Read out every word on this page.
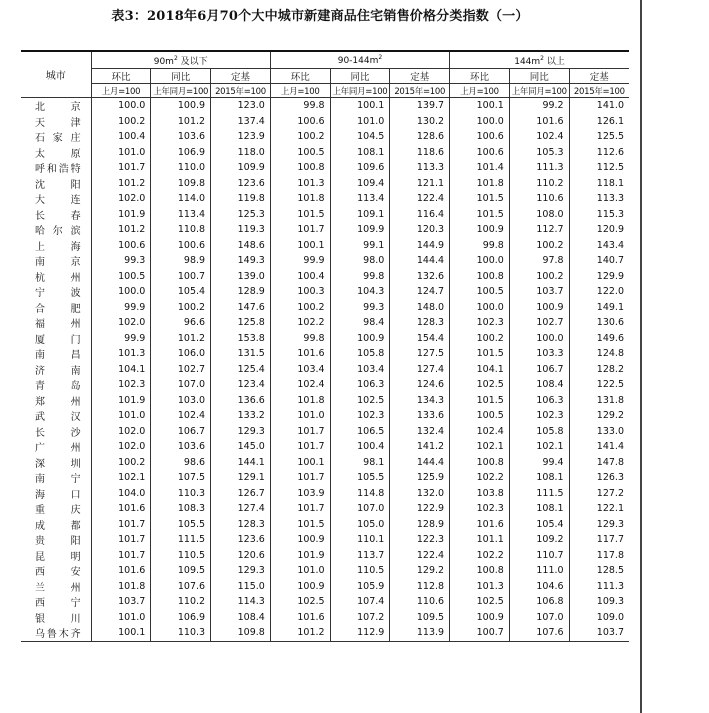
表3：2018年6月70个大中城市新建商品住宅销售价格分类指数（一）
城市	$90m^2$ 及以下			$90-144m^2$			$144m^2$ 以上		
	环比	同比	定基	环比	同比	定基	环比	同比	定基
	上月=100	上年同月=100	2015年=100	上月=100	上年同月=100	2015年=100	上月=100	上年同月=100	2015年=100
北京	100.0	100.9	123.0	99.8	100.1	139.7	100.1	99.2	141.0
天津	100.2	101.2	137.4	100.6	101.0	130.2	100.0	101.6	126.1
石家庄	100.4	103.6	123.9	100.2	104.5	128.6	100.6	102.4	125.5
太原	101.0	106.9	118.0	100.5	108.1	118.6	100.6	105.3	112.6
呼和浩特	101.7	110.0	109.9	100.8	109.6	113.3	101.4	111.3	112.5
沈阳	101.2	109.8	123.6	101.3	109.4	121.1	101.8	110.2	118.1
大连	102.0	114.0	119.8	101.8	113.4	122.4	101.5	110.6	113.3
长春	101.9	113.4	125.3	101.5	109.1	116.4	101.5	108.0	115.3
哈尔滨	101.2	110.8	119.3	101.7	109.9	120.3	100.9	112.7	120.9
上海	100.6	100.6	148.6	100.1	99.1	144.9	99.8	100.2	143.4
南京	99.3	98.9	149.3	99.9	98.0	144.4	100.0	97.8	140.7
杭州	100.5	100.7	139.0	100.4	99.8	132.6	100.8	100.2	129.9
宁波	100.0	105.4	128.9	100.3	104.3	124.7	100.5	103.7	122.0
合肥	99.9	100.2	147.6	100.2	99.3	148.0	100.0	100.9	149.1
福州	102.0	96.6	125.8	102.2	98.4	128.3	102.3	102.7	130.6
厦门	99.9	101.2	153.8	99.8	100.9	154.4	100.2	100.0	149.6
南昌	101.3	106.0	131.5	101.6	105.8	127.5	101.5	103.3	124.8
济南	104.1	102.7	125.4	103.4	103.4	127.4	104.1	106.7	128.2
青岛	102.3	107.0	123.4	102.4	106.3	124.6	102.5	108.4	122.5
郑州	101.9	103.0	136.6	101.8	102.5	134.3	101.5	106.3	131.8
武汉	101.0	102.4	133.2	101.0	102.3	133.6	100.5	102.3	129.2
长沙	102.0	106.7	129.3	101.7	106.5	132.4	102.4	105.8	133.0
广州	102.0	103.6	145.0	101.7	100.4	141.2	102.1	102.1	141.4
深圳	100.2	98.6	144.1	100.1	98.1	144.4	100.8	99.4	147.8
南宁	102.1	107.5	129.1	101.7	105.5	125.9	102.2	108.1	126.3
海口	104.0	110.3	126.7	103.9	114.8	132.0	103.8	111.5	127.2
重庆	101.6	108.3	127.4	101.7	107.0	122.9	102.3	108.1	122.1
成都	101.7	105.5	128.3	101.5	105.0	128.9	101.6	105.4	129.3
贵阳	101.7	111.5	123.6	100.9	110.1	122.3	101.1	109.2	117.7
昆明	101.7	110.5	120.6	101.9	113.7	122.4	102.2	110.7	117.8
西安	101.6	109.5	129.3	101.0	110.5	129.2	100.8	111.0	128.5
兰州	101.8	107.6	115.0	100.9	105.9	112.8	101.3	104.6	111.3
西宁	103.7	110.2	114.3	102.5	107.4	110.6	102.5	106.8	109.3
银川	101.0	106.9	108.4	101.6	107.2	109.5	100.9	107.0	109.0
乌鲁木齐	100.1	110.3	109.8	101.2	112.9	113.9	100.7	107.6	103.7
